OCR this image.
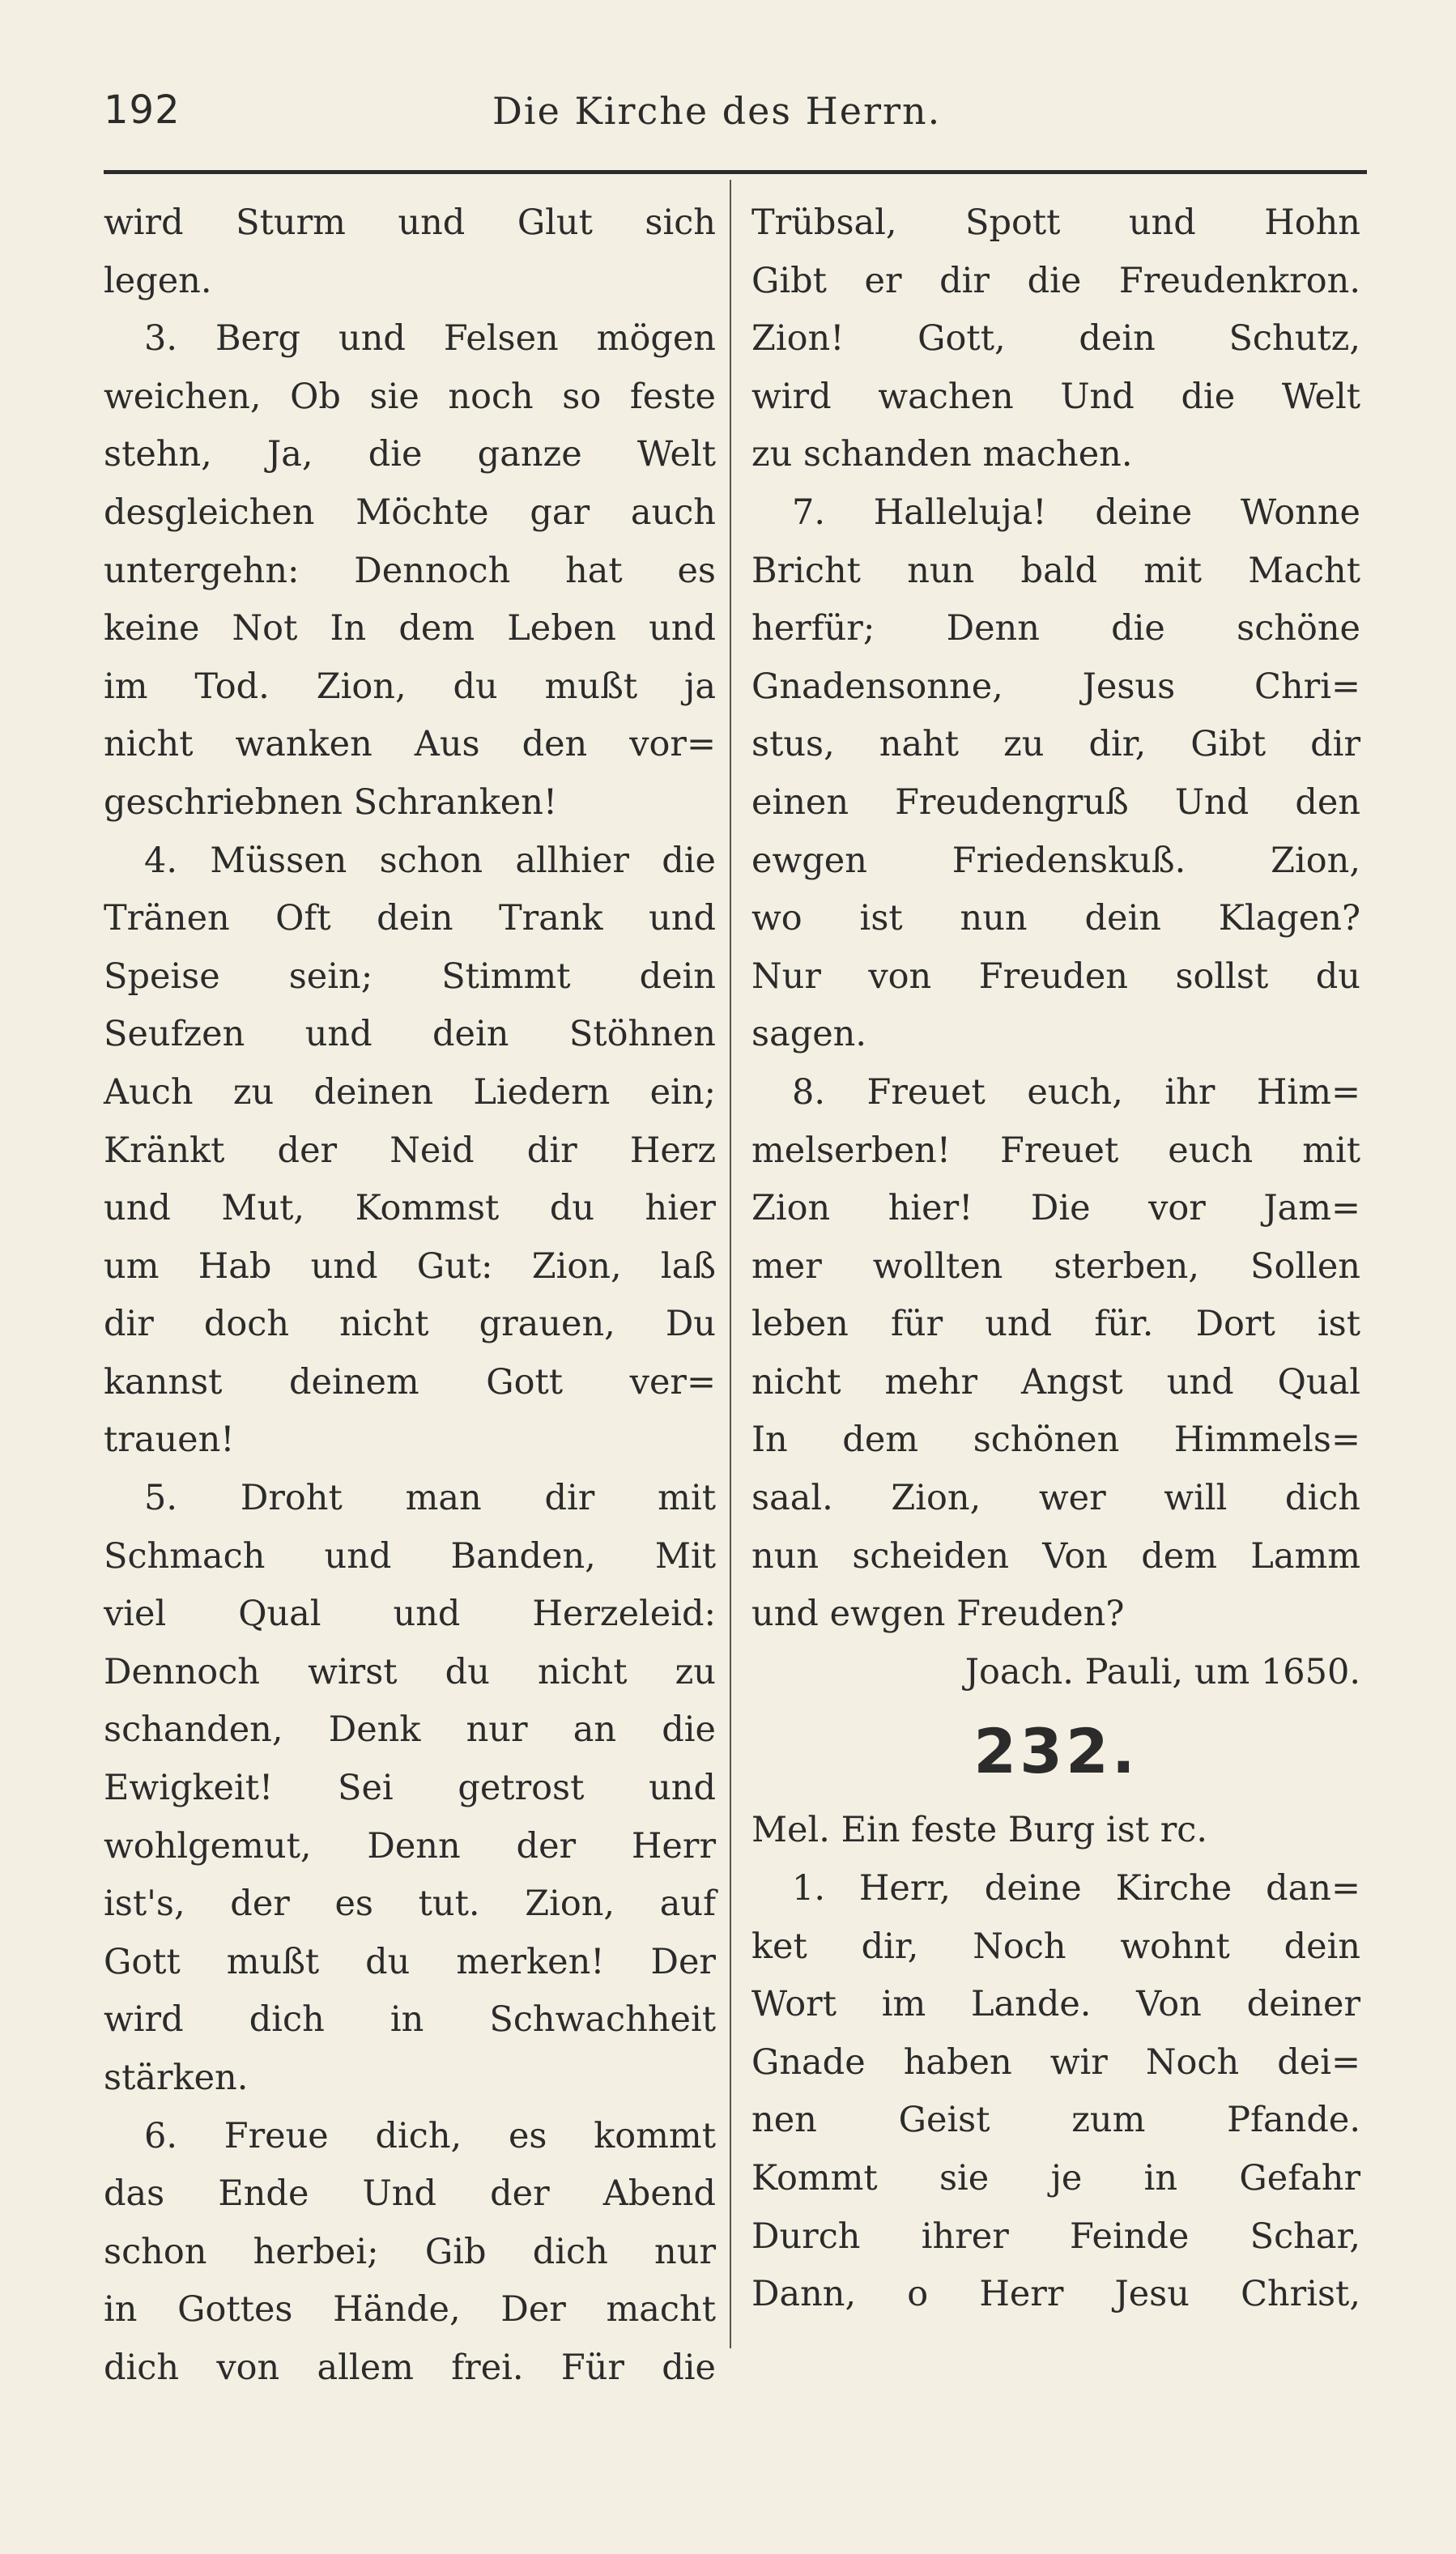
192	Die Kirche des Herrn.
wird Sturm und Glut sich
legen.
3. Berg und Felsen mögen
weichen, Ob sie noch so feste
stehn, Ja, die ganze Welt
desgleichen Möchte gar auch
untergehn: Dennoch hat es
keine Not In dem Leben und
im Tod. Zion, du mußt ja
nicht wanken Aus den vor=
geschriebnen Schranken!
4. Müssen schon allhier die
Tränen Oft dein Trank und
Speise sein; Stimmt dein
Seufzen und dein Stöhnen
Auch zu deinen Liedern ein;
Kränkt der Neid dir Herz
und Mut, Kommst du hier
um Hab und Gut: Zion, laß
dir doch nicht grauen, Du
kannst deinem Gott ver=
trauen!
5. Droht man dir mit
Schmach und Banden, Mit
viel Qual und Herzeleid:
Dennoch wirst du nicht zu
schanden, Denk nur an die
Ewigkeit! Sei getrost und
wohlgemut, Denn der Herr
ist's, der es tut. Zion, auf
Gott mußt du merken! Der
wird dich in Schwachheit
stärken.
6. Freue dich, es kommt
das Ende Und der Abend
schon herbei; Gib dich nur
in Gottes Hände, Der macht
dich von allem frei. Für die
Trübsal, Spott und Hohn
Gibt er dir die Freudenkron.
Zion! Gott, dein Schutz,
wird wachen Und die Welt
zu schanden machen.
7. Halleluja! deine Wonne
Bricht nun bald mit Macht
herfür; Denn die schöne
Gnadensonne, Jesus Chri=
stus, naht zu dir, Gibt dir
einen Freudengruß Und den
ewgen Friedenskuß. Zion,
wo ist nun dein Klagen?
Nur von Freuden sollst du
sagen.
8. Freuet euch, ihr Him=
melserben! Freuet euch mit
Zion hier! Die vor Jam=
mer wollten sterben, Sollen
leben für und für. Dort ist
nicht mehr Angst und Qual
In dem schönen Himmels=
saal. Zion, wer will dich
nun scheiden Von dem Lamm
und ewgen Freuden?
Joach. Pauli, um 1650.
232.
Mel. Ein feste Burg ist rc.
1. Herr, deine Kirche dan=
ket dir, Noch wohnt dein
Wort im Lande. Von deiner
Gnade haben wir Noch dei=
nen Geist zum Pfande.
Kommt sie je in Gefahr
Durch ihrer Feinde Schar,
Dann, o Herr Jesu Christ,
